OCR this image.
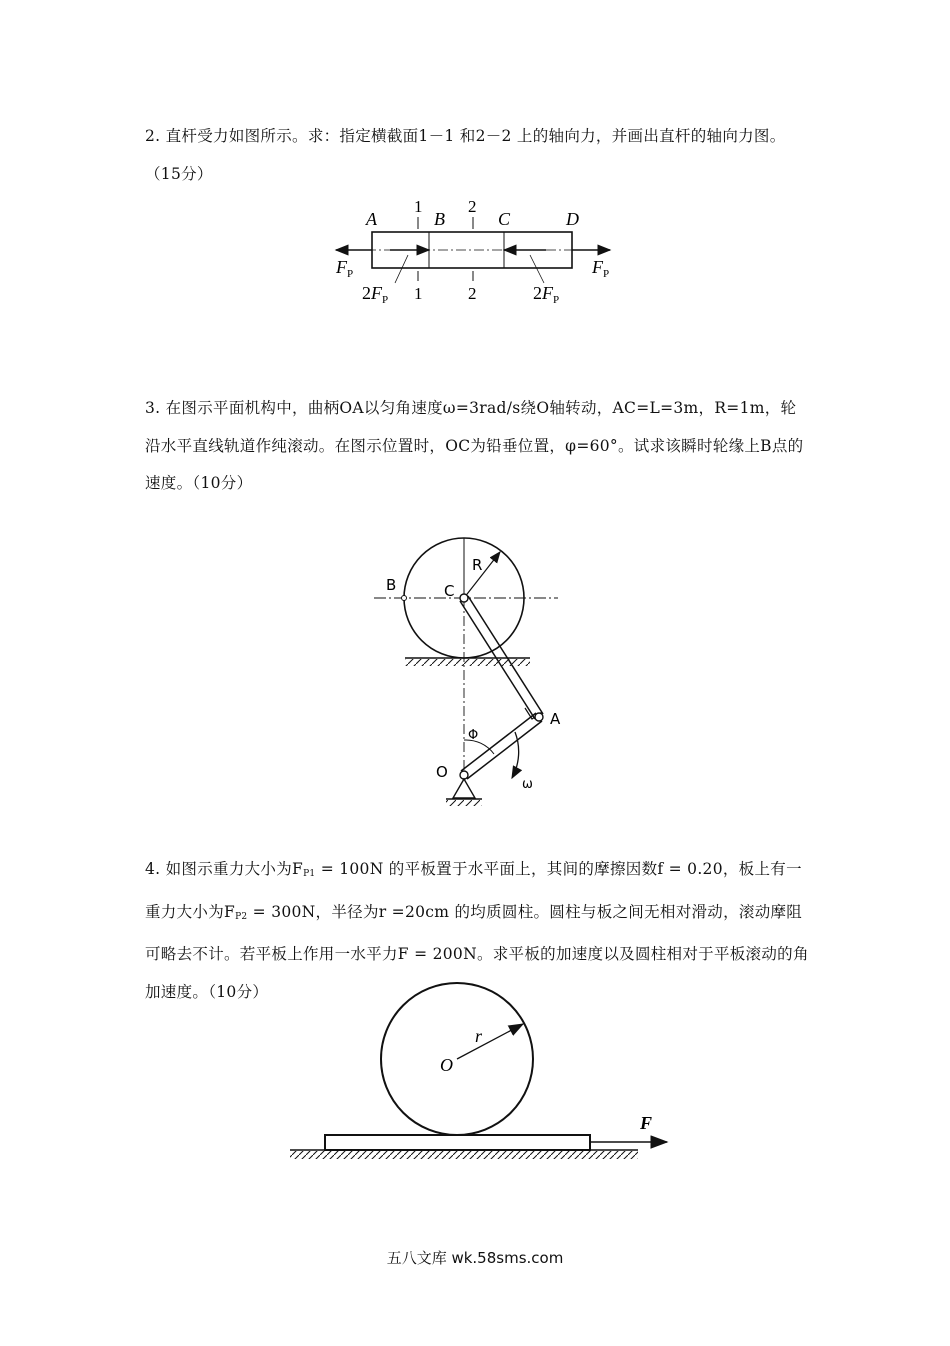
2. 直杆受力如图所示。求：指定横截面1－1 和2－2 上的轴向力，并画出直杆的轴向力图。（15分）
A
1
B
2
C	D
$F_P$	$F_P$
$2F_P$ 1	2	$2F_P$
3. 在图示平面机构中，曲柄OA以匀角速度ω=3rad/s绕O轴转动，AC=L=3m，R=1m，轮沿水平直线轨道作纯滚动。在图示位置时，OC为铅垂位置，φ=60°。试求该瞬时轮缘上B点的速度。（10分）
B	C
R
A
Φ
O
ω
4. 如图示重力大小为$F_{P1} = 100N$ 的平板置于水平面上，其间的摩擦因数f = 0.20，板上有一重力大小为$F_{P2} = 300N$，半径为r =20cm 的均质圆柱。圆柱与板之间无相对滑动，滚动摩阻可略去不计。若平板上作用一水平力F = 200N。求平板的加速度以及圆柱相对于平板滚动的角加速度。（10分）
r
O
F
五八文库 wk.58sms.com
